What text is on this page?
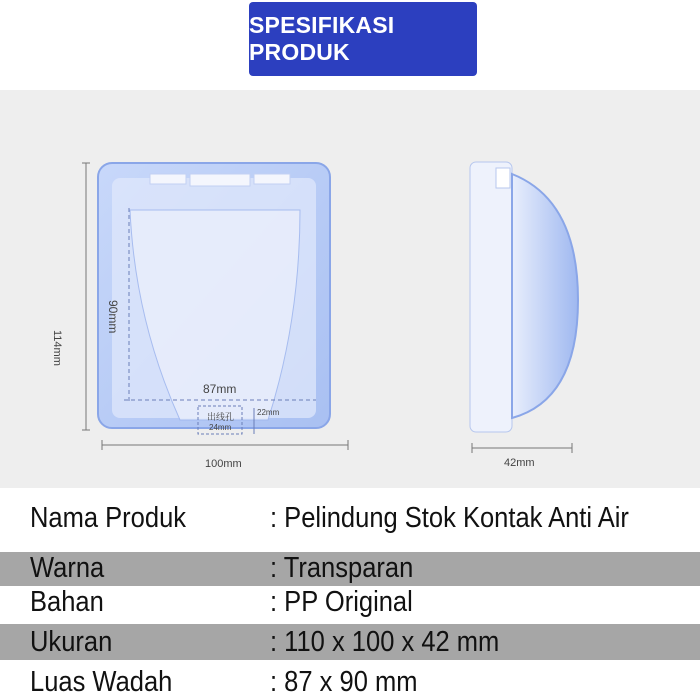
SPESIFIKASI PRODUK
87mm
90mm
114mm
100mm
出线孔
24mm
22mm
42mm
Nama Produk	: Pelindung Stok Kontak Anti Air
Warna	: Transparan
Bahan	: PP Original
Ukuran	: 110 x 100 x 42 mm
Luas Wadah	: 87 x 90 mm
